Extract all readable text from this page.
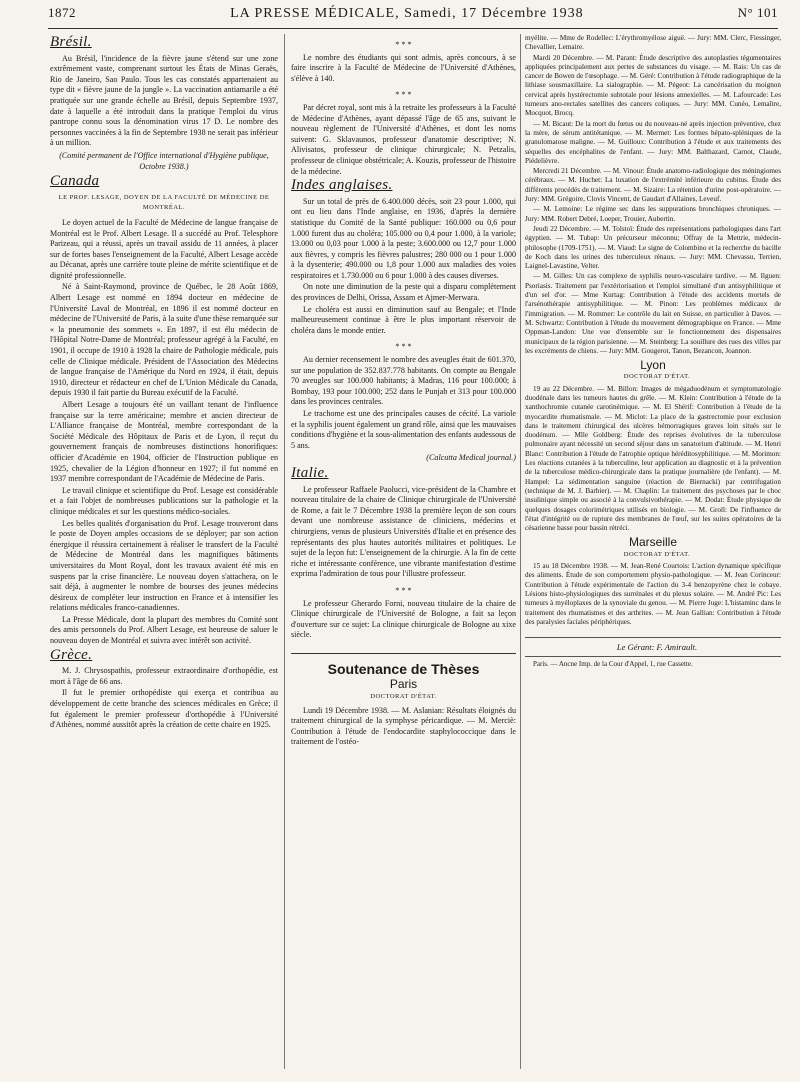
1872	LA PRESSE MÉDICALE, Samedi, 17 Décembre 1938	N° 101
Brésil.

Au Brésil, l'incidence de la fièvre jaune s'étend sur une zone extrêmement vaste, comprenant surtout les États de Minas Geraës, Rio de Janeiro, Sao Paulo. Tous les cas constatés appartenaient au type dit « fièvre jaune de la jungle ». La vaccination antiamarile a été pratiquée sur une grande échelle au Brésil, depuis Septembre 1937, date à laquelle a été introduit dans la pratique l'emploi du virus pantrope connu sous la dénomination virus 17 D. Le nombre des personnes vaccinées à la fin de Septembre 1938 ne serait pas inférieur à un million.

(Comité permanent de l'Office international d'Hygiène publique, Octobre 1938.)

Canada

LE PROF. LESAGE, DOYEN DE LA FACULTÉ DE MÉDECINE DE MONTRÉAL.

Le doyen actuel de la Faculté de Médecine de langue française de Montréal est le Prof. Albert Lesage. Il a succédé au Prof. Telesphore Parizeau, qui a réussi, après un travail assidu de 11 années, à placer sur de fortes bases l'enseignement de la Faculté, Albert Lesage accède au Décanat, après une carrière toute pleine de mérite scientifique et de dignité professionnelle.

Né à Saint-Raymond, province de Québec, le 28 Août 1869, Albert Lesage est nommé en 1894 docteur en médecine de l'Université Laval de Montréal, en 1896 il est nommé docteur en médecine de l'Université de Paris, à la suite d'une thèse remarquée sur « la pneumonie des sommets ». En 1897, il est élu médecin de l'Hôpital Notre-Dame de Montréal; professeur agrégé à la Faculté, en 1901, il occupe de 1910 à 1928 la chaire de Pathologie médicale, puis celle de Clinique médicale. Président de l'Association des Médecins de langue française de l'Amérique du Nord en 1924, il était, depuis 1910, directeur et rédacteur en chef de L'Union Médicale du Canada, depuis 1930 il fait partie du Bureau exécutif de la Faculté.

Albert Lesage a toujours été un vaillant tenant de l'influence française sur la terre américaine; membre et ancien directeur de L'Alliance française de Montréal, membre correspondant de la Société Médicale des Hôpitaux de Paris et de Lyon, il reçut du gouvernement français de nombreuses distinctions honorifiques: officier d'Académie en 1904, officier de l'Instruction publique en 1925, chevalier de la Légion d'honneur en 1927; il fut nommé en 1937 membre correspondant de l'Académie de Médecine de Paris.

Le travail clinique et scientifique du Prof. Lesage est considérable et a fait l'objet de nombreuses publications sur la pathologie et la clinique médicales et sur les questions médico-sociales.

Les belles qualités d'organisation du Prof. Lesage trouveront dans le poste de Doyen amples occasions de se déployer; par son action énergique il réussira certainement à réaliser le transfert de la Faculté de Médecine de Montréal dans les magnifiques bâtiments universitaires du Mont Royal, dont les travaux avaient été mis en suspens par la crise financière. Le nouveau doyen s'attachera, on le sait déjà, à augmenter le nombre de bourses des jeunes médecins désireux de compléter leur instruction en France et à intensifier les relations médicales franco-canadiennes.

La Presse Médicale, dont la plupart des membres du Comité sont des amis personnels du Prof. Albert Lesage, est heureuse de saluer le nouveau doyen de Montréal et suivra avec intérêt son activité.

Grèce.

M. J. Chrysospathis, professeur extraordinaire d'orthopédie, est mort à l'âge de 66 ans.

Il fut le premier orthopédiste qui exerça et contribua au développement de cette branche des sciences médicales en Grèce; il fut également le premier professeur d'orthopédie à l'Université d'Athènes, nommé aussitôt après la création de cette chaire en 1925.

* * *

Le nombre des étudiants qui sont admis, après concours, à se faire inscrire à la Faculté de Médecine de l'Université d'Athènes, s'élève à 140.

* * *

Par décret royal, sont mis à la retraite les professeurs à la Faculté de Médecine d'Athènes, ayant dépassé l'âge de 65 ans, suivant le nouveau règlement de l'Université d'Athènes, et dont les noms suivent: G. Sklavaunos, professeur d'anatomie descriptive; N. Alivisatos, professeur de clinique chirurgicale; N. Petzalis, professeur de clinique obstétricale; A. Kouzis, professeur de l'histoire de la médecine.

Indes anglaises.

Sur un total de près de 6.400.000 décès, soit 23 pour 1.000, qui ont eu lieu dans l'Inde anglaise, en 1936, d'après la dernière statistique du Comité de la Santé publique: 160.000 ou 0,6 pour 1.000 furent dus au choléra; 105.000 ou 0,4 pour 1.000, à la variole; 13.000 ou 0,03 pour 1.000 à la peste; 3.600.000 ou 12,7 pour 1.000 aux fièvres, y compris les fièvres palustres; 280 000 ou 1 pour 1.000 à la dysenterie; 490.000 ou 1,8 pour 1.000 aux maladies des voies respiratoires et 1.730.000 ou 6 pour 1.000 à des causes diverses.

On note une diminution de la peste qui a disparu complètement des provinces de Delhi, Orissa, Assam et Ajmer-Merwara.

Le choléra est aussi en diminution sauf au Bengale; et l'Inde malheureusement continue à être le plus important réservoir de choléra dans le monde entier.

* * *

Au dernier recensement le nombre des aveugles était de 601.370, sur une population de 352.837.778 habitants. On compte au Bengale 70 aveugles sur 100.000 habitants; à Madras, 116 pour 100.000; à Bombay, 193 pour 100.000; 252 dans le Punjab et 313 pour 100.000 dans les provinces centrales.

Le trachome est une des principales causes de cécité. La variole et la syphilis jouent également un grand rôle, ainsi que les mauvaises conditions d'hygiène et la sous-alimentation des enfants audessous de 5 ans.

(Calcutta Medical journal.)

Italie.

Le professeur Raffaele Paolucci, vice-président de la Chambre et nouveau titulaire de la chaire de Clinique chirurgicale de l'Université de Rome, a fait le 7 Décembre 1938 la première leçon de son cours devant une nombreuse assistance de cliniciens, médecins et chirurgiens, venus de plusieurs Universités d'Italie et en présence des représentants des plus hautes autorités militaires et politiques. Le sujet de la leçon fut: L'enseignement de la chirurgie. A la fin de cette riche et intéressante conférence, une vibrante manifestation d'estime exprima l'admiration de tous pour l'illustre professeur.

* * *

Le professeur Gherardo Forni, nouveau titulaire de la chaire de Clinique chirurgicale de l'Université de Bologne, a fait sa leçon d'ouverture sur ce sujet: La clinique chirurgicale de Bologne au xixe siècle.

Soutenance de Thèses
Paris

DOCTORAT D'ÉTAT.

Lundi 19 Décembre 1938. — M. Aslanian: Résultats éloignés du traitement chirurgical de la symphyse péricardique. — M. Merciè: Contribution à l'étude de l'endocardite staphylococcique dans le traitement de l'ostéo-

myélite. — Mme de Rodellec: L'érythromyélose aiguë. — Jury: MM. Clerc, Fiessinger, Chevallier, Lemaire.

Mardi 20 Décembre. — M. Parant: Étude descriptive des autoplasties tégumentaires appliquées principalement aux pertes de substances du visage. — M. Rais: Un cas de cancer de Bowen de l'œsophage. — M. Géré: Contribution à l'étude radiographique de la lithiase sousmaxillaire. La sialographie. — M. Pégeot: La cancérisation du moignon cervical après hystérectomie subtotale pour lésions annexielles. — M. Lafourcade: Les tumeurs ano-rectales satellites des cancers coliques. — Jury: MM. Cunéo, Lemaître, Mocquot, Brocq.

— M. Bicaut: De la mort du fœtus ou du nouveau-né après injection préventive, chez la mère, de sérum antitétanique. — M. Mermet: Les formes hépato-spléniques de la granulomatose maligne. — M. Guilloux: Contribution à l'étude et aux traitements des séquelles des encéphalites de l'enfant. — Jury: MM. Balthazard, Carnot, Claude, Piédelièvre.

Mercredi 21 Décembre. — M. Vinour: Étude anatomo-radiologique des méningiomes cérébraux. — M. Huchet: La luxation de l'extrémité inférieure du cubitus. Étude des différents procédés de traitement. — M. Sizaire: La rétention d'urine post-opératoire. — Jury: MM. Grégoire, Clovis Vincent, de Gaudart d'Allaines, Leveuf.

— M. Lemoine: Le régime sec dans les suppurations bronchiques chroniques. — Jury: MM. Robert Debré, Loeper, Trouier, Aubertin.

Jeudi 22 Décembre. — M. Tolstoï: Étude des représentations pathologiques dans l'art égyptien. — M. Tubap: Un précurseur méconnu; Offray de la Mettrie, médecin-philosophe (1709-1751). — M. Viaud: Le signe de Colombino et la recherche du bacille de Koch dans les urines des tuberculeux rénaux. — Jury: MM. Chevassu, Terrien, Laignel-Lavastine, Velter.

— M. Gilles: Un cas complexe de syphilis neuro-vasculaire tardive. — M. Ilguen: Psoriasis. Traitement par l'extériorisation et l'emploi simultané d'un antisyphilitique et d'un sel d'or. — Mme Kurtag: Contribution à l'étude des accidents mortels de l'arsénothérapie antisyphilitique. — M. Pinon: Les problèmes médicaux de l'immigration. — M. Rommer: Le contrôle du lait en Suisse, en particulier à Davos. — M. Schwartz: Contribution à l'étude du mouvement démographique en France. — Mme Oppman-Landon: Une vue d'ensemble sur le fonctionnement des dispensaires municipaux de la région parisienne. — M. Steinberg: La souillure des rues des villes par les excréments de chiens. — Jury: MM. Gougerot, Tanon, Bezancon, Joannon.

Lyon

DOCTORAT D'ÉTAT.

19 au 22 Décembre. — M. Billon: Images de mégaduodénum et symptomatologie duodénale dans les tumeurs hautes du grêle. — M. Klein: Contribution à l'étude de la xanthochromie cutanée carotinémique. — M. El Shérif: Contribution à l'étude de la myocardite rhumatismale. — M. Miclot: La place de la gastrectomie pour exclusion dans le traitement chirurgical des ulcères hémorragiques graves loin situés sur le duodénum. — Mlle Goldberg: Étude des reprises évolutives de la tuberculose pulmonaire ayant nécessité un second séjour dans un sanatorium d'altitude. — M. Henri Blanc: Contribution à l'étude de l'atrophie optique héréditosyphilitique. — M. Morimon: Les réactions cutanées à la tuberculine, leur application au diagnostic et à la prévention de la tuberculose médico-chirurgicale dans la pratique journalière (de l'enfant). — M. Hampel: La sédimentation sanguine (réaction de Biernacki) par centrifugation (technique de M. J. Barbier). — M. Chaplin: Le traitement des psychoses par le choc insulinique simple ou associé à la convulsivothérapie. — M. Dodat: Étude physique de quelques dosages colorimétriques utilisés en biologie. — M. Groll: De l'influence de l'état d'intégrité ou de rupture des membranes de l'œuf, sur les suites opératoires de la césarienne basse pour bassin rétréci.

Marseille

DOCTORAT D'ÉTAT.

15 au 18 Décembre 1938. — M. Jean-René Courtois: L'action dynamique spécifique des aliments. Étude de son comportement physio-pathologique. — M. Jean Corinceur: Contribution à l'étude expérimentale de l'action du 3-4 benzopyrène chez le cobaye. Lésions histo-physiologiques des surrénales et du plexus solaire. — M. André Pic: Les tumeurs à myéloplaxes de la synoviale du genou. — M. Pierre Juge: L'histaminc dans le traitement des rhumatismes et des arthrites. — M. Jean Gallian: Contribution à l'étude des paralysies faciales périphériques.

Le Gérant: F. Amirault.

Paris. — Ancne Imp. de la Cour d'Appel, 1, rue Cassette.
